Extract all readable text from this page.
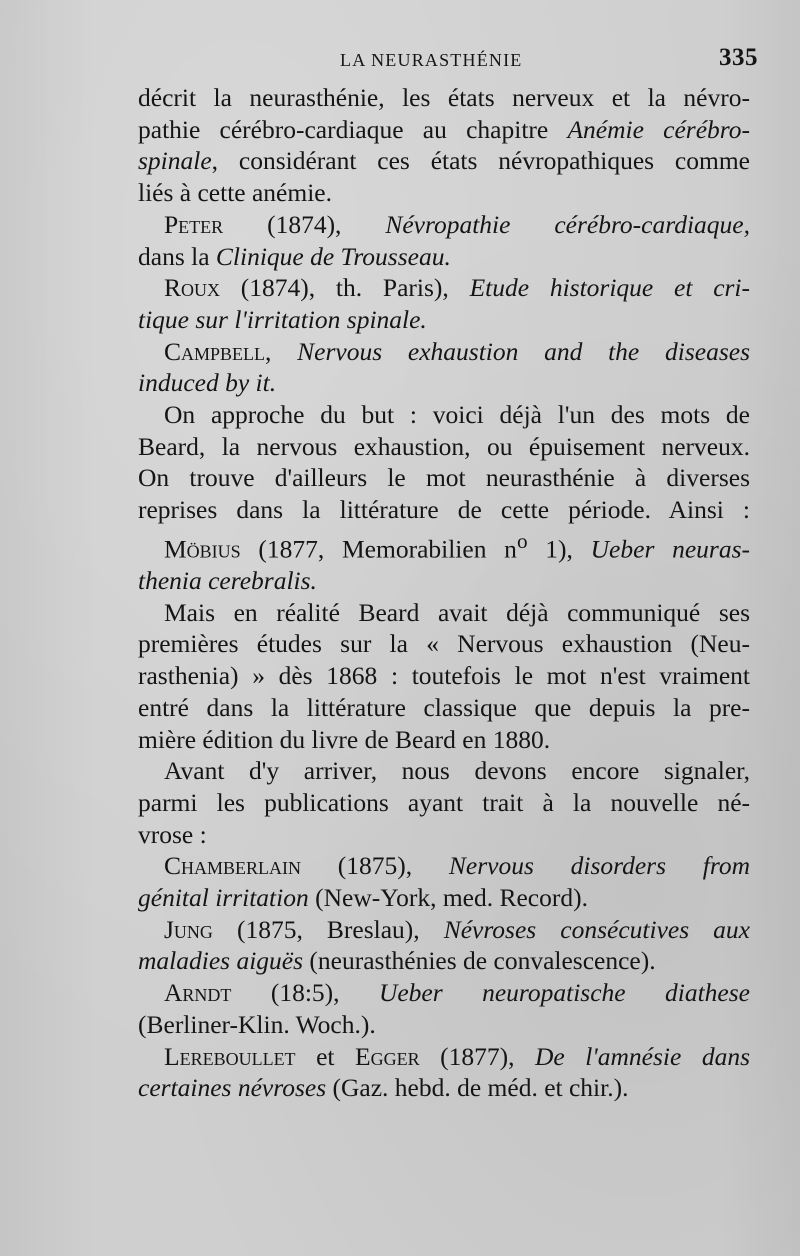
LA NEURASTHÉNIE	335
décrit la neurasthénie, les états nerveux et la névro-
pathie cérébro-cardiaque au chapitre Anémie cérébro-
spinale, considérant ces états névropathiques comme
liés à cette anémie.
Peter (1874), Névropathie cérébro-cardiaque,
dans la Clinique de Trousseau.
Roux (1874), th. Paris), Etude historique et cri-
tique sur l'irritation spinale.
Campbell, Nervous exhaustion and the diseases
induced by it.
On approche du but : voici déjà l'un des mots de
Beard, la nervous exhaustion, ou épuisement nerveux.
On trouve d'ailleurs le mot neurasthénie à diverses
reprises dans la littérature de cette période. Ainsi :
Möbius (1877, Memorabilien $n^o$ 1), Ueber neuras-
thenia cerebralis.
Mais en réalité Beard avait déjà communiqué ses
premières études sur la « Nervous exhaustion (Neu-
rasthenia) » dès 1868 : toutefois le mot n'est vraiment
entré dans la littérature classique que depuis la pre-
mière édition du livre de Beard en 1880.
Avant d'y arriver, nous devons encore signaler,
parmi les publications ayant trait à la nouvelle né-
vrose :
Chamberlain (1875), Nervous disorders from
génital irritation (New-York, med. Record).
Jung (1875, Breslau), Névroses consécutives aux
maladies aiguës (neurasthénies de convalescence).
Arndt (18:5), Ueber neuropatische diathese
(Berliner-Klin. Woch.).
Lereboullet et Egger (1877), De l'amnésie dans
certaines névroses (Gaz. hebd. de méd. et chir.).
